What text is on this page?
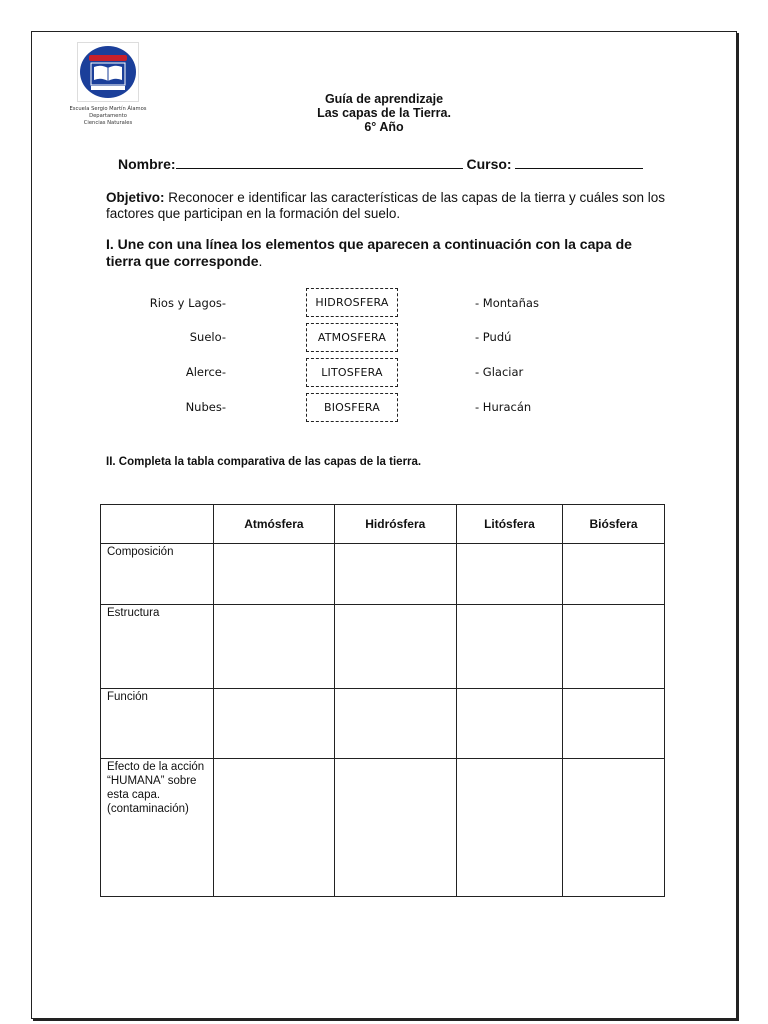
Escuela Sergio Martín Álamos
Departamento
Ciencias Naturales
Guía de aprendizaje
Las capas de la Tierra.
6° Año
Nombre:	Curso:
Objetivo: Reconocer e identificar las características de las capas de la tierra y cuáles son los factores que participan en la formación del suelo.
I. Une con una línea los elementos que aparecen a continuación con la capa de tierra que corresponde.
Rios y Lagos-
Suelo-
Alerce-
Nubes-
HIDROSFERA
ATMOSFERA
LITOSFERA
BIOSFERA
- Montañas
- Pudú
- Glaciar
- Huracán
II. Completa la tabla comparativa de las capas de la tierra.
	Atmósfera	Hidrósfera	Litósfera	Biósfera
Composición				
Estructura				
Función				
Efecto de la acción “HUMANA” sobre esta capa. (contaminación)				
